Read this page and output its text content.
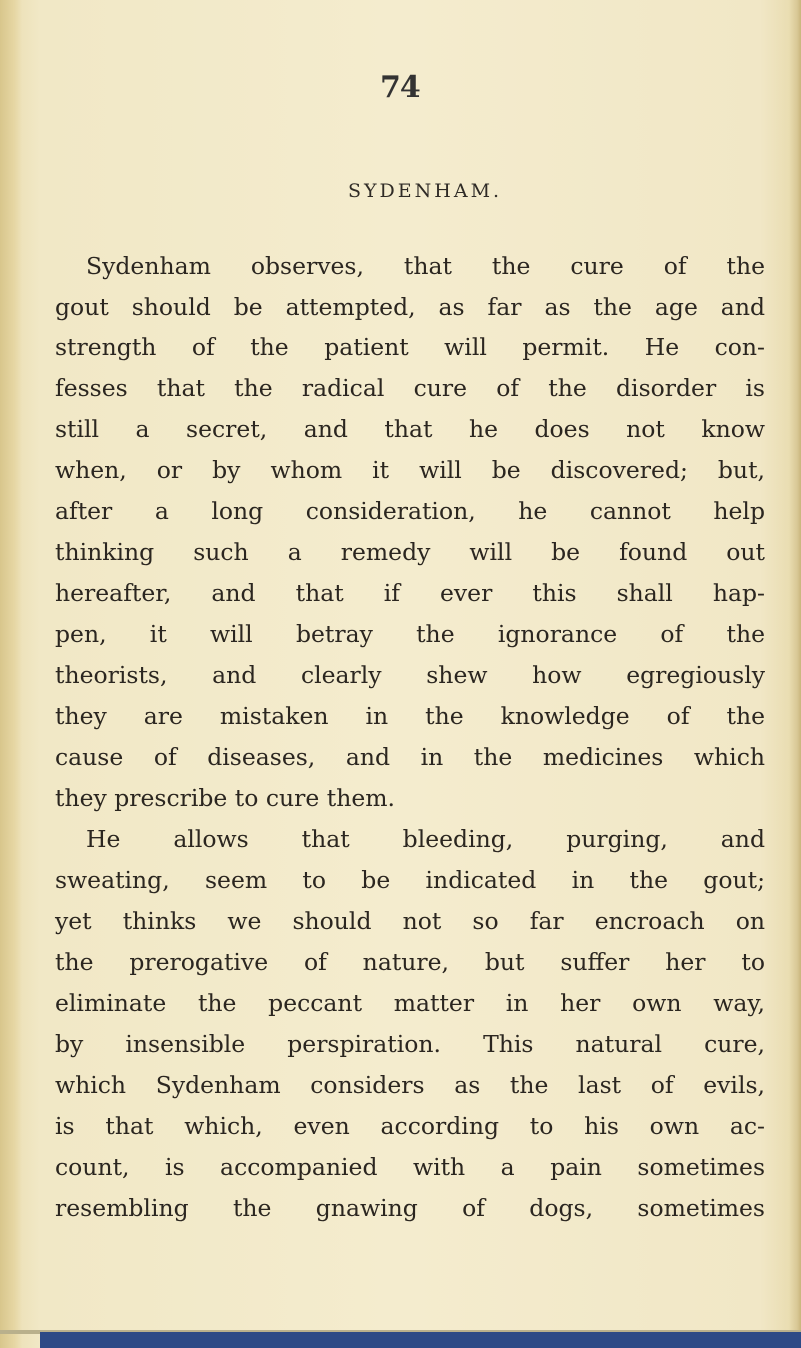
74
SYDENHAM.
Sydenham observes, that the cure of the
gout should be attempted, as far as the age and
strength of the patient will permit. He con-
fesses that the radical cure of the disorder is
still a secret, and that he does not know
when, or by whom it will be discovered; but,
after a long consideration, he cannot help
thinking such a remedy will be found out
hereafter, and that if ever this shall hap-
pen, it will betray the ignorance of the
theorists, and clearly shew how egregiously
they are mistaken in the knowledge of the
cause of diseases, and in the medicines which
they prescribe to cure them.
He allows that bleeding, purging, and
sweating, seem to be indicated in the gout;
yet thinks we should not so far encroach on
the prerogative of nature, but suffer her to
eliminate the peccant matter in her own way,
by insensible perspiration. This natural cure,
which Sydenham considers as the last of evils,
is that which, even according to his own ac-
count, is accompanied with a pain sometimes
resembling the gnawing of dogs, sometimes
